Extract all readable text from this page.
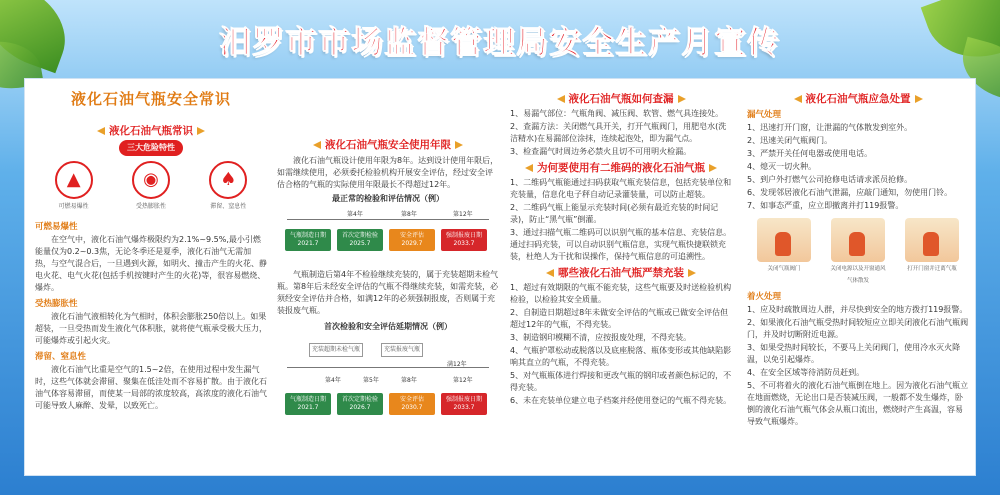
汨罗市市场监督管理局安全生产月宣传
液化石油气瓶安全常识
液化石油气瓶常识
三大危险特性
▲
可燃易爆性
◉
受热膨胀性
♠
滞留、窒息性
可燃易爆性

在空气中，液化石油气爆炸极限约为2.1%~9.5%,最小引燃能量仅为0.2~0.3焦，无论冬季还是夏季，液化石油气无需加热，与空气混合后，一旦遇到火源，如明火、撞击产生的火花、静电火花、电气火花(包括手机按键时产生的火花)等，很容易燃烧、爆炸。

受热膨胀性

液化石油气液相转化为气相时，体积会膨胀250倍以上。如果超装，一旦受热而发生液化气体积胀，就将使气瓶承受极大压力，可能爆炸或引起火灾。

滞留、窒息性

液化石油气比重是空气的1.5~2倍，在使用过程中发生漏气时，这些气体就会滞留、聚集在低洼处而不容易扩散。由于液化石油气体容易滞留，而使某一局部的浓度较高，高浓度的液化石油气可能导致人麻醉、发晕，以致死亡。

液化石油气瓶安全使用年限

液化石油气瓶设计使用年限为8年。达到设计使用年限后，如需继续使用，必须委托检验机构开展安全评估，经过安全评估合格的气瓶的实际使用年限最长不得超过12年。

最正常的检验和评估情况（例）
第4年	第8年	第12年
气瓶制造日期
2021.7
首次定期检验
2025.7
安全评估
2029.7
强制报废日期
2033.7

气瓶制造后第4年不检验继续充装的，属于充装超期未检气瓶。第8年后未经安全评估的气瓶不得继续充装，如需充装，必须经安全评估并合格，如满12年的必须强制报废，否则属于充装报废气瓶。

首次检验和安全评估延期情况（例）
充装超期未检气瓶	充装报废气瓶
满12年
第4年	第5年	第8年	第12年
气瓶制造日期
2021.7
首次定期检验
2026.7
安全评估
2030.7
强制报废日期
2033.7
液化石油气瓶如何查漏

1、易漏气部位：气瓶角阀、减压阀、软管、燃气具连接处。

2、查漏方法：关闭燃气具开关，打开气瓶阀门，用肥皂水(洗洁精水)在易漏部位涂抹，连续起泡处，即为漏气点。

3、检查漏气时周边务必禁火且切不可用明火检漏。

为何要使用有二维码的液化石油气瓶

1、二维码气瓶能通过扫码获取气瓶充装信息，包括充装单位和充装量，信息化电子秤自动记录灌装量，可以防止超装。

2、二维码气瓶上能显示充装时间(必须有最近充装的时间记录)，防止“黑气瓶”倒灌。

3、通过扫描气瓶二维码可以识别气瓶的基本信息、充装信息。通过扫码充装，可以自动识别气瓶信息，实现气瓶快捷联锁充装，杜绝人为干扰和误操作，保持气瓶信息的可追溯性。

哪些液化石油气瓶严禁充装

1、超过有效期限的气瓶不能充装，这些气瓶要及时送检验机构检验，以检验其安全质量。

2、自制造日期超过8年未做安全评估的气瓶或已做安全评估但超过12年的气瓶，不得充装。

3、制造钢印模糊不清，应按报废处理，不得充装。

4、气瓶护罩松动或脱落以及底座脱落、瓶体变形或其他缺陷影响其直立的气瓶，不得充装。

5、对气瓶瓶体进行焊接和更改气瓶的钢印或者颜色标记的，不得充装。

6、未在充装单位建立电子档案并经使用登记的气瓶不得充装。

液化石油气瓶应急处置
漏气处理

1、迅速打开门窗，让泄漏的气体散发到室外。

2、迅速关闭气瓶阀门。

3、严禁开关任何电器或使用电话。

4、熄灭一切火种。

5、到户外打燃气公司抢修电话请求派员抢修。

6、发现邻居液化石油气泄漏，应敲门通知，勿使用门铃。

7、如事态严重，应立即撤离并打119报警。

关闭气瓶阀门	关闭电源以及开窗通风气体散发
打开门窗并迁离气瓶
着火处理

1、应及时疏散周边人群，并尽快到安全的地方拨打119报警。

2、如果液化石油气瓶受热时间较短应立即关闭液化石油气瓶阀门，并及时切断附近电源。

3、如果受热时间较长，不要马上关闭阀门，使用冷水灭火降温，以免引起爆炸。

4、在安全区域等待消防员赶到。

5、不可将着火的液化石油气瓶倒在地上。因为液化石油气瓶立在地面燃烧，无论出口是否装减压阀，一般都不发生爆炸，卧倒的液化石油气瓶气体会从瓶口流出，燃烧时产生高温，容易导致气瓶爆炸。
